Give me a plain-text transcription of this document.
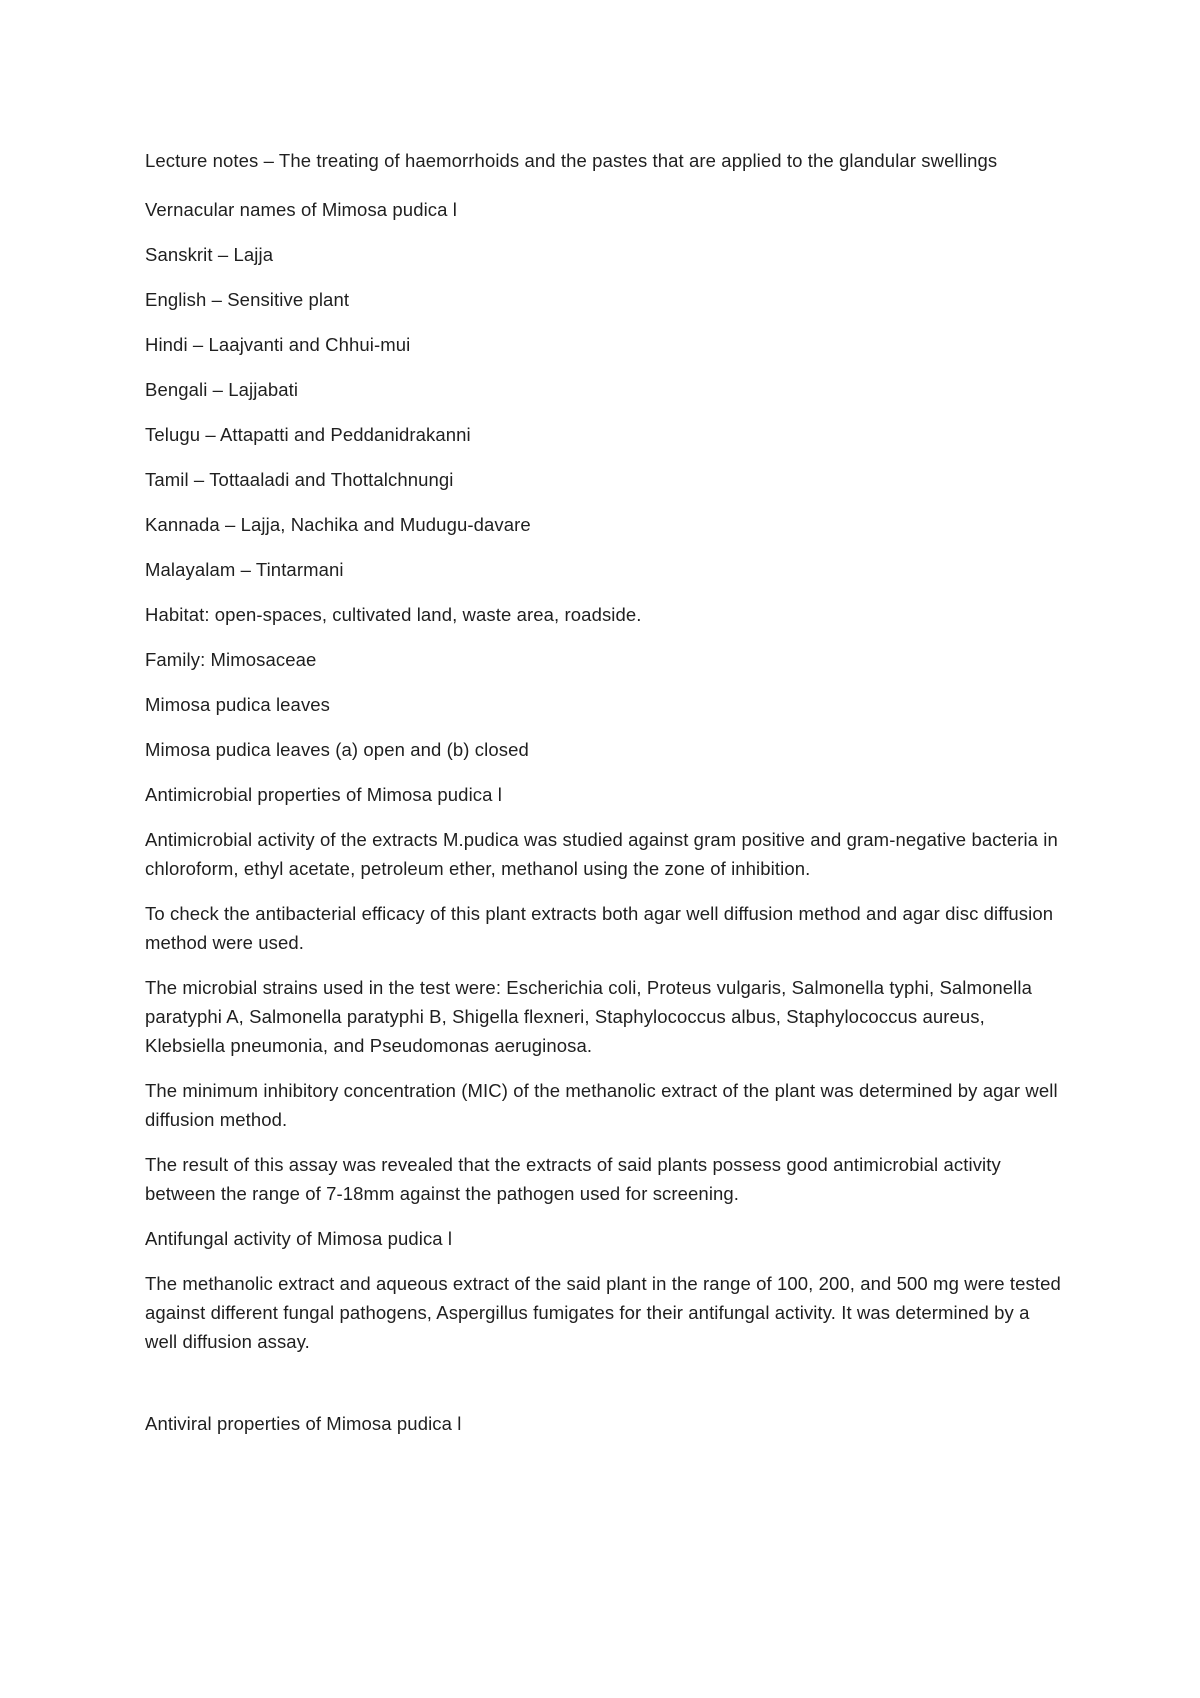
Lecture notes – The treating of haemorrhoids and the pastes that are applied to the glandular swellings

Vernacular names of Mimosa pudica l

Sanskrit – Lajja

English – Sensitive plant

Hindi – Laajvanti and Chhui-mui

Bengali – Lajjabati

Telugu – Attapatti and Peddanidrakanni

Tamil – Tottaaladi and Thottalchnungi

Kannada – Lajja, Nachika and Mudugu-davare

Malayalam – Tintarmani

Habitat: open-spaces, cultivated land, waste area, roadside.

Family: Mimosaceae

Mimosa pudica leaves

Mimosa pudica leaves (a) open and (b) closed

Antimicrobial properties of Mimosa pudica l

Antimicrobial activity of the extracts M.pudica was studied against gram positive and gram-negative bacteria in chloroform, ethyl acetate, petroleum ether, methanol using the zone of inhibition.

To check the antibacterial efficacy of this plant extracts both agar well diffusion method and agar disc diffusion method were used.

The microbial strains used in the test were: Escherichia coli, Proteus vulgaris, Salmonella typhi, Salmonella paratyphi A, Salmonella paratyphi B, Shigella flexneri, Staphylococcus albus, Staphylococcus aureus, Klebsiella pneumonia, and Pseudomonas aeruginosa.

The minimum inhibitory concentration (MIC) of the methanolic extract of the plant was determined by agar well diffusion method.

The result of this assay was revealed that the extracts of said plants possess good antimicrobial activity between the range of 7-18mm against the pathogen used for screening.

Antifungal activity of Mimosa pudica l

The methanolic extract and aqueous extract of the said plant in the range of 100, 200, and 500 mg were tested against different fungal pathogens, Aspergillus fumigates for their antifungal activity. It was determined by a well diffusion assay.

Antiviral properties of Mimosa pudica l
